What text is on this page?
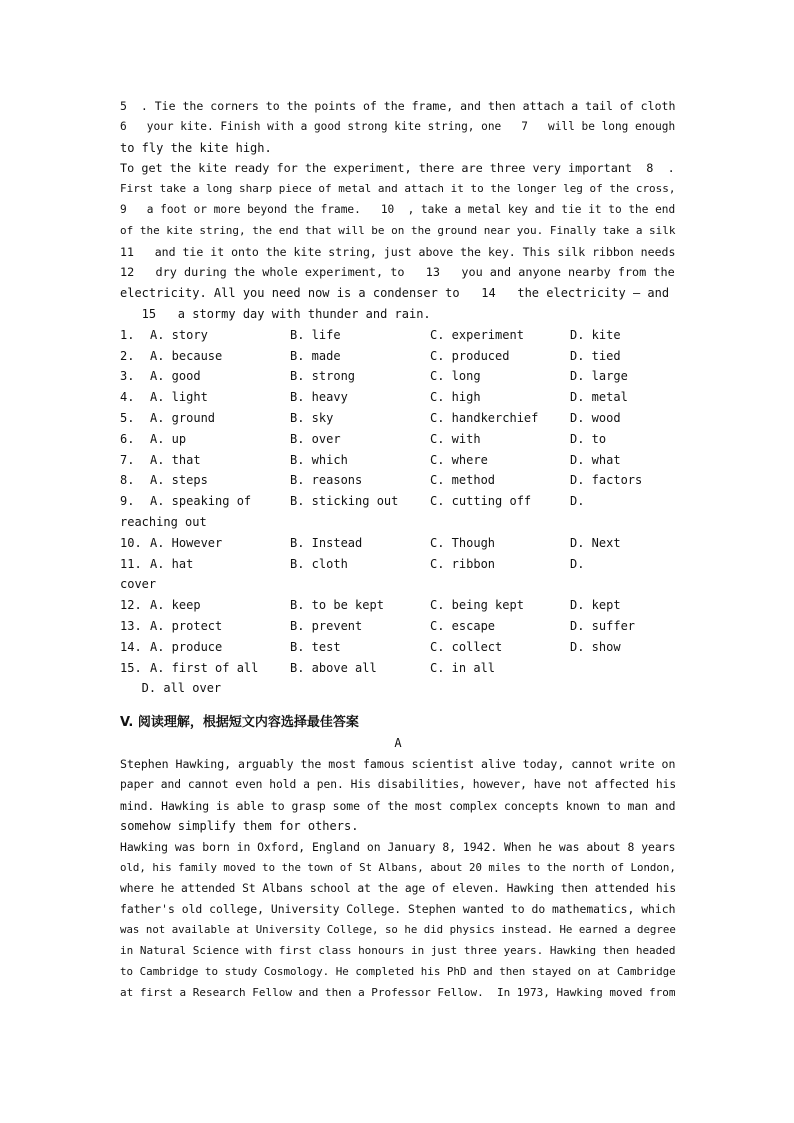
5  . Tie the corners to the points of the frame, and then attach a tail of cloth
6   your kite. Finish with a good strong kite string, one   7   will be long enough
to fly the kite high.
To get the kite ready for the experiment, there are three very important  8  .
First take a long sharp piece of metal and attach it to the longer leg of the cross,
9   a foot or more beyond the frame.   10  , take a metal key and tie it to the end
of the kite string, the end that will be on the ground near you. Finally take a silk
11   and tie it onto the kite string, just above the key. This silk ribbon needs
12   dry during the whole experiment, to   13   you and anyone nearby from the
electricity. All you need now is a condenser to   14   the electricity — and
15   a stormy day with thunder and rain.
1.	A. story	B. life	C. experiment	D. kite
2.	A. because	B. made	C. produced	D. tied
3.	A. good	B. strong	C. long	D. large
4.	A. light	B. heavy	C. high	D. metal
5.	A. ground	B. sky	C. handkerchief	D. wood
6.	A. up	B. over	C. with	D. to
7.	A. that	B. which	C. where	D. what
8.	A. steps	B. reasons	C. method	D. factors
9.	A. speaking of	B. sticking out	C. cutting off	D.
reaching out
10. A. However	B. Instead	C. Though	D. Next
11. A. hat	B. cloth	C. ribbon	D.
cover
12. A. keep	B. to be kept	C. being kept	D. kept
13. A. protect	B. prevent	C. escape	D. suffer
14. A. produce	B. test	C. collect	D. show
15. A. first of all	B. above all	C. in all
D. all over
V. 阅读理解，根据短文内容选择最佳答案
A
Stephen Hawking, arguably the most famous scientist alive today, cannot write on
paper and cannot even hold a pen. His disabilities, however, have not affected his
mind. Hawking is able to grasp some of the most complex concepts known to man and
somehow simplify them for others.
Hawking was born in Oxford, England on January 8, 1942. When he was about 8 years
old, his family moved to the town of St Albans, about 20 miles to the north of London,
where he attended St Albans school at the age of eleven. Hawking then attended his
father's old college, University College. Stephen wanted to do mathematics, which
was not available at University College, so he did physics instead. He earned a degree
in Natural Science with first class honours in just three years. Hawking then headed
to Cambridge to study Cosmology. He completed his PhD and then stayed on at Cambridge
at first a Research Fellow and then a Professor Fellow.  In 1973, Hawking moved from
